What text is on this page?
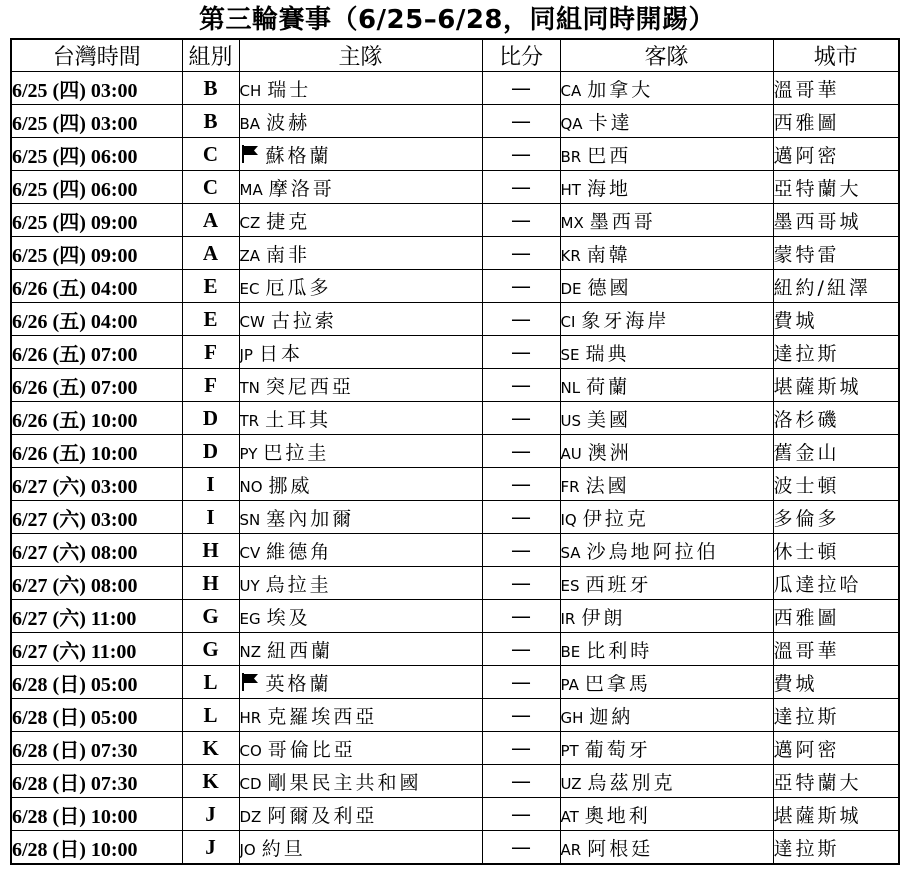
第三輪賽事（6/25–6/28，同組同時開踢）
台灣時間	組別	主隊	比分	客隊	城市
6/25 (四) 03:00	B	CH 瑞士	—	CA 加拿大	溫哥華
6/25 (四) 03:00	B	BA 波赫	—	QA 卡達	西雅圖
6/25 (四) 06:00	C	蘇格蘭	—	BR 巴西	邁阿密
6/25 (四) 06:00	C	MA 摩洛哥	—	HT 海地	亞特蘭大
6/25 (四) 09:00	A	CZ 捷克	—	MX 墨西哥	墨西哥城
6/25 (四) 09:00	A	ZA 南非	—	KR 南韓	蒙特雷
6/26 (五) 04:00	E	EC 厄瓜多	—	DE 德國	紐約/紐澤
6/26 (五) 04:00	E	CW 古拉索	—	CI 象牙海岸	費城
6/26 (五) 07:00	F	JP 日本	—	SE 瑞典	達拉斯
6/26 (五) 07:00	F	TN 突尼西亞	—	NL 荷蘭	堪薩斯城
6/26 (五) 10:00	D	TR 土耳其	—	US 美國	洛杉磯
6/26 (五) 10:00	D	PY 巴拉圭	—	AU 澳洲	舊金山
6/27 (六) 03:00	I	NO 挪威	—	FR 法國	波士頓
6/27 (六) 03:00	I	SN 塞內加爾	—	IQ 伊拉克	多倫多
6/27 (六) 08:00	H	CV 維德角	—	SA 沙烏地阿拉伯	休士頓
6/27 (六) 08:00	H	UY 烏拉圭	—	ES 西班牙	瓜達拉哈
6/27 (六) 11:00	G	EG 埃及	—	IR 伊朗	西雅圖
6/27 (六) 11:00	G	NZ 紐西蘭	—	BE 比利時	溫哥華
6/28 (日) 05:00	L	英格蘭	—	PA 巴拿馬	費城
6/28 (日) 05:00	L	HR 克羅埃西亞	—	GH 迦納	達拉斯
6/28 (日) 07:30	K	CO 哥倫比亞	—	PT 葡萄牙	邁阿密
6/28 (日) 07:30	K	CD 剛果民主共和國	—	UZ 烏茲別克	亞特蘭大
6/28 (日) 10:00	J	DZ 阿爾及利亞	—	AT 奧地利	堪薩斯城
6/28 (日) 10:00	J	JO 約旦	—	AR 阿根廷	達拉斯
